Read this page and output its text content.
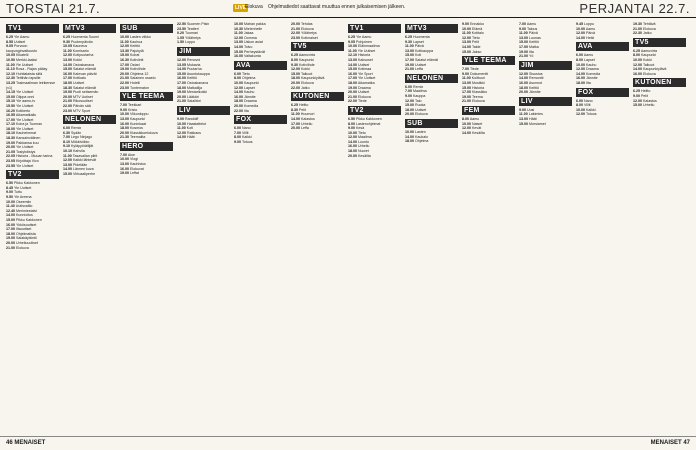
TORSTAI 21.7.	LIVE
Elokuva Ohjelmatiedot saattavat muuttua ennen julkaisemisen jälkeen.	PERJANTAI 22.7.
TV1
6.25 Yle Aamu
8.55 Uutiset
9.05 Porvoon kaupunginvaltuusto
10.05 Kikatelii
10.50 Merkki-laaksi
11.00 Yle Uutiset
11.10 Rosa - Rajan pääsy
12.10 Huhtialaista siitä
12.30 Tettihän lapsille
13.25 Tosimaailman leirikersse (v1)
14.15 Yle Uutiset
15.00 Olippa onni
15.10 Yle aamu-tv
15.50 Yle Uutiset
16.20 Kotikerto
16.55 Aikamatkailu
17.00 Yle Uutiset
17.10 Koira ja Tuomas
18.00 Yle Uutiset
18.10 Kauheimmat
18.30 Kansainvälinen
19.00 Pakkansa kuu
20.00 Yle Uutiset
21.05 Tosiyhdistys
22.05 Historia - Muuan tarina
23.05 Kirjoittaja Vivo
23.55 Yle Uutiset
TV2
6.50 Pikku Kakkonen
8.45 Yle Uutiset
9.00 Tuttu
9.50 Yle Areena
10.00 Oseemiin
11.40 Uutisvaltio
12.40 Merimiestalvi
14.00 Kunnioitus
15.00 Pikku Kakkonen
16.00 Ykkösuutiset
17.00 Iltauutiset
18.00 Ohjelmalista
19.00 Salakäytäntö
20.00 Urheiluuutiset
21.00 Elokuva
MTV3
6.25 Huomenta Suomi
9.30 Puolenpäivän
10.05 Kauneus
11.00 Komisario
12.00 Kotipuutarha
13.00 Kokki
14.00 Ostoskanava
15.00 Salatut elämät
16.00 Kalevan päivät
17.00 Kotikatu
18.00 Uutiset
18.30 Salatut elämät
19.00 Puoli seitsemän
20.00 MTV Uutiset
21.00 Rikosuutiset
22.00 Päivän sää
23.00 MTV Sport
NELONEN
6.00 Remix
6.30 Sydän
7.00 Lego Ninjago
8.10 Mökkiviikko
9.10 Kyläpyöräilijät
10.10 Kahvila
11.00 Tasavallan piirit
12.00 Kaikki lähtevät
13.00 Pidetään
14.00 Lännen kuva
15.00 Virtuaaliperhe
SUB
10.00 Lasten viikko
11.00 Kauhua
12.00 Keittiö
13.30 Pajukylä
15.00 Koirat
16.30 Kotiviinit
17.00 Ostari
19.00 Kotiviihde
20.00 Ohjelma 12
21.00 Salainen osasto
22.00 Hotelli
23.00 Tuntematon
YLE TEEMA
7.00 Teekkari
9.00 Kristo
10.00 Viikonloppu
13.00 Kaupunki
16.00 Kuninkaat
18.00 Kosmos
20.00 Klassikkoelokuva
21.30 Teemailta
HERO
7.00 Alue
10.00 Vlogi
13.00 Kauhistus
16.00 Elokuvat
19.00 Leffat
22.50 Suomen Pisin
23.50 Teatteri
0.20 Tuomari
1.05 Yölähetys
1.50 Loppu
JIM
12.00 Renovoi
13.05 Mukavia
14.00 Puutarha
15.00 Asuntokauppa
16.00 Keittiö
17.00 Ostoskanava
18.00 Matkailija
19.00 Mestarikokki
20.00 Lääkäri
21.00 Salaliitot
LIV
9.00 Randolff
10.00 Haastattelut
11.00 Koti
12.00 Rakkaus
14.00 Häät
10.00 Mahan pakka
10.30 Mielenhelle
11.00 Jakaa
12.00 Oomma
13.00 Uskon asiat
14.00 Toivo
15.00 Perheystävät
16.00 Valtakunta
AVA
6.00 Tieto
8.00 Ohjelma
10.00 Kaupunki
12.00 Lapset
14.00 Kauhu
16.00 Jännite
18.00 Draama
20.00 Komedia
22.00 Ilta
FOX
6.00 Nano
7.00 Villit
8.00 Kaikki
9.00 Totuus
20.00 Tehdas
21.00 Elokuva
22.00 Yölähetys
23.00 Kotimaiset
TV5
6.25 Aamuvirta
8.00 Kaupunki
9.30 Kotiviihde
12.00 Kokki
15.00 Talkoot
18.00 Kaupunkiylävä
20.00 Elokuva
22.00 Jatko
KUTONEN
6.25 Heitto
8.30 Pelit
11.00 Huumori
14.00 Kalastus
17.00 Urheilu
20.00 Leffa
TV1
6.25 Yle Aamu
9.05 Pohjoinen
10.00 Eläinmaailma
11.00 Yle Uutiset
12.10 Historia
13.00 Kaksoset
14.00 Uutiset
15.00 Kotimaa
16.00 Yle Sport
17.00 Yle Uutiset
18.00 Aikamatka
19.00 Draama
20.00 Uutiset
21.00 Elokuva
22.00 Tiede
TV2
6.50 Pikku Kakkonen
8.00 Lastenohjelmat
9.00 Kesä
10.00 Tieto
12.00 Maailma
14.00 Luonto
16.00 Urheilu
18.00 Nuoret
20.00 Kesäilta
MTV3
6.25 Huomenta
9.30 Lapset
11.00 Päivä
13.00 Kotikauppa
15.00 Koti
17.00 Salatut elämät
19.00 Uutiset
21.00 Leffa
NELONEN
6.00 Remix
7.00 Maailma
9.00 Kauppa
12.00 Talo
15.00 Ruoka
18.00 Uutiset
20.00 Elokuva
SUB
10.00 Lasten
14.00 Kaukalo
18.00 Ohjelma
9.00 Ennakko
10.00 Elämä
11.00 Kotitalo
12.00 Tieto
13.00 Pelit
14.00 Taide
15.00 Jakso
YLE TEEMA
7.00 Tiede
9.00 Dokumentti
11.00 Kulttuuri
13.00 Musiikki
15.00 Historia
17.00 Klassikko
19.00 Teema
21.00 Elokuva
FEM
8.00 Aamu
10.00 Naiset
12.00 Kevät
14.00 Kesäilta
7.00 Aamu
9.00 Talous
11.00 Päivä
13.00 Lounas
15.00 Keittiö
17.00 Matka
19.00 Ilta
21.00 Yö
JIM
12.00 Sisustus
14.00 Remontti
16.00 Asunnot
18.00 Keittiö
20.00 Jännite
LIV
9.00 Uusi
11.00 Lakimies
13.00 Häät
15.00 Morsiamet
9.45 Loppu
10.00 Aamu
12.00 Päivä
14.00 Hetki
AVA
6.00 Aamu
8.00 Lapset
10.00 Kauhu
12.00 Draama
14.00 Komedia
16.00 Jännite
18.00 Ilta
FOX
6.00 Nano
8.00 Villit
10.00 Kaikki
12.00 Totuus
19.30 Tehtävä
21.00 Elokuva
22.30 Jatko
TV5
6.25 Aamuvirta
8.00 Kaupunki
10.00 Kokki
12.00 Talkoot
14.00 Kaupunkiylävä
16.00 Elokuva
KUTONEN
6.25 Heitto
9.00 Pelit
12.00 Kalastus
15.00 Urheilu
46 MENAISET	MENAISET 47
